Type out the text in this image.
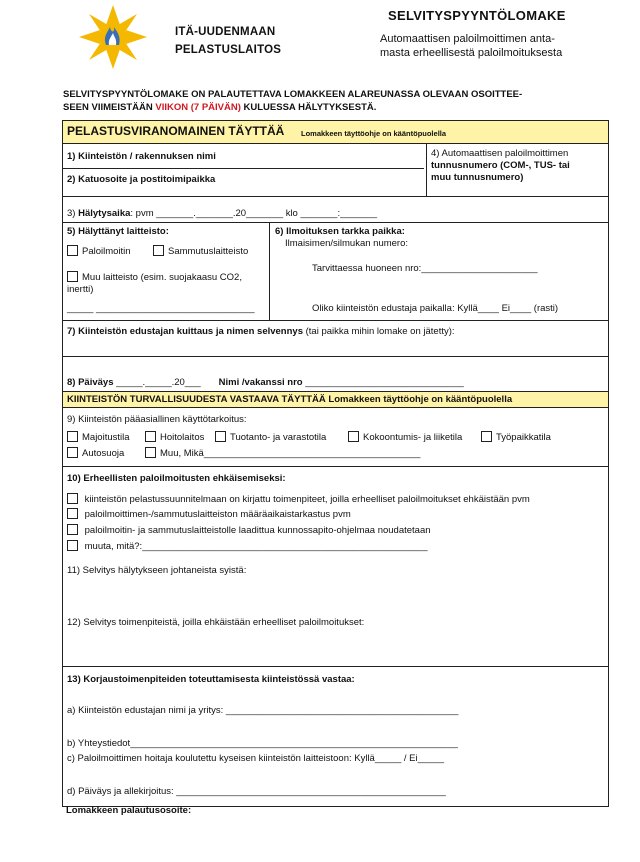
ITÄ-UUDENMAAN
PELASTUSLAITOS
SELVITYSPYYNTÖLOMAKE
Automaattisen paloilmoittimen anta-
masta erheellisestä paloilmoituksesta
SELVITYSPYYNTÖLOMAKE ON PALAUTETTAVA LOMAKKEEN ALAREUNASSA OLEVAAN OSOITTEE-
SEEN VIIMEISTÄÄN VIIKON (7 PÄIVÄN) KULUESSA HÄLYTYKSESTÄ.
PELASTUSVIRANOMAINEN TÄYTTÄÄ Lomakkeen täyttöohje on kääntöpuolella
1) Kiinteistön / rakennuksen nimi
2) Katuosoite ja postitoimipaikka
4) Automaattisen paloilmoittimen
tunnusnumero (COM-, TUS- tai
muu tunnusnumero)
3) Hälytysaika: pvm _______._______.20_______ klo _______:_______
5) Hälyttänyt laitteisto:
Paloilmoitin	Sammutuslaitteisto
Muu laitteisto (esim. suojakaasu CO2,
inertti)
_____ ______________________________
6) Ilmoituksen tarkka paikka:
Ilmaisimen/silmukan numero:
Tarvittaessa huoneen nro:______________________
Oliko kiinteistön edustaja paikalla: Kyllä____ Ei____ (rasti)
7) Kiinteistön edustajan kuittaus ja nimen selvennys (tai paikka mihin lomake on jätetty):
8) Päiväys _____._____.20___ Nimi /vakanssi nro ______________________________
KIINTEISTÖN TURVALLISUUDESTA VASTAAVA TÄYTTÄÄ Lomakkeen täyttöohje on kääntöpuolella
9) Kiinteistön pääasiallinen käyttötarkoitus:
Majoitustila	Hoitolaitos	Tuotanto- ja varastotila	Kokoontumis- ja liiketila	Työpaikkatila
Autosuoja	Muu, Mikä_________________________________________
10) Erheellisten paloilmoitusten ehkäisemiseksi:
kiinteistön pelastussuunnitelmaan on kirjattu toimenpiteet, joilla erheelliset paloilmoitukset ehkäistään pvm
paloilmoittimen-/sammutuslaitteiston määräaikaistarkastus pvm
paloilmoitin- ja sammutuslaitteistolle laadittua kunnossapito-ohjelmaa noudatetaan
muuta, mitä?:______________________________________________________
11) Selvitys hälytykseen johtaneista syistä:
12) Selvitys toimenpiteistä, joilla ehkäistään erheelliset paloilmoitukset:
13) Korjaustoimenpiteiden toteuttamisesta kiinteistössä vastaa:
a) Kiinteistön edustajan nimi ja yritys: ____________________________________________
b) Yhteystiedot______________________________________________________________
c) Paloilmoittimen hoitaja koulutettu kyseisen kiinteistön laitteistoon: Kyllä_____ / Ei_____
d) Päiväys ja allekirjoitus: ___________________________________________________
Lomakkeen palautusosoite:
